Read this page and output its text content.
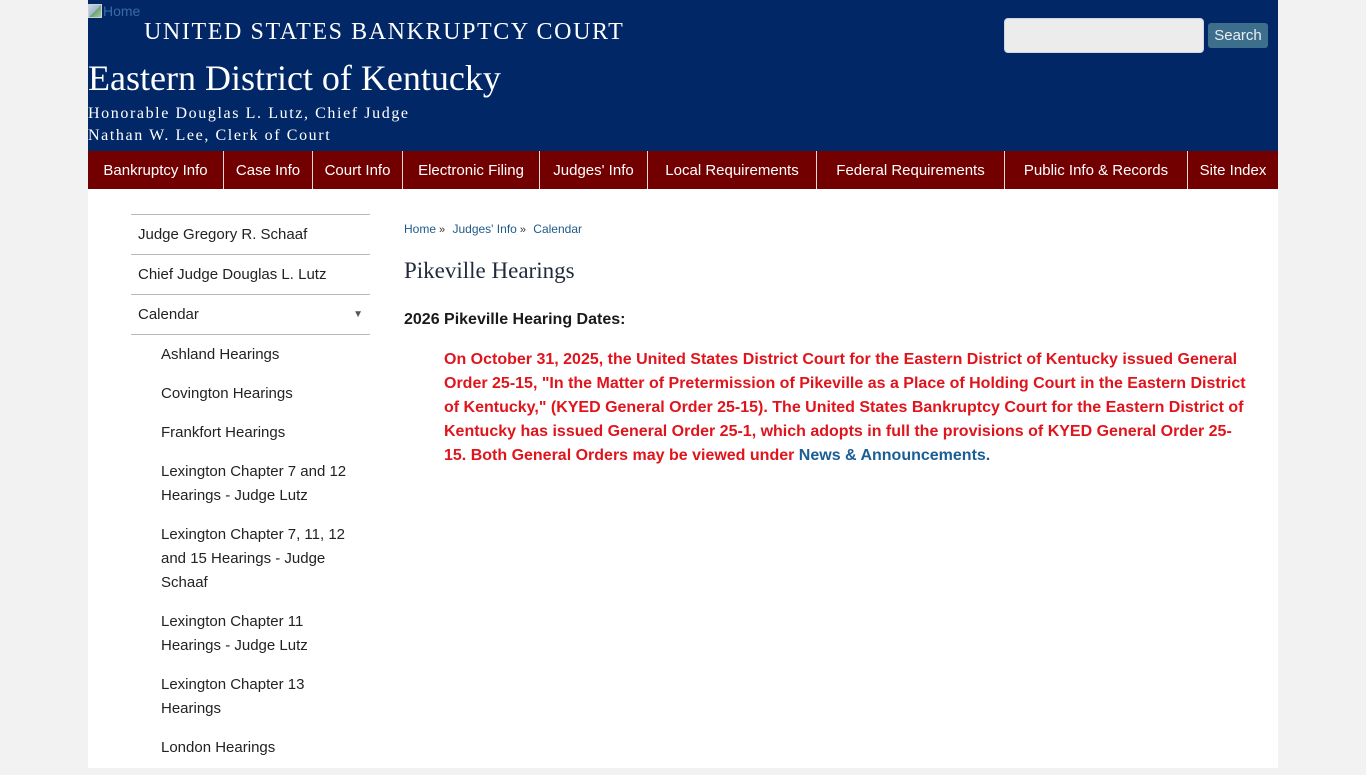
Home
UNITED STATES BANKRUPTCY COURT
Eastern District of Kentucky
Honorable Douglas L. Lutz, Chief Judge
Nathan W. Lee, Clerk of Court
Search
Bankruptcy Info	Case Info	Court Info	Electronic Filing	Judges' Info	Local Requirements	Federal Requirements	Public Info & Records	Site Index
Judge Gregory R. Schaaf
Chief Judge Douglas L. Lutz
Calendar	▼
Ashland Hearings
Covington Hearings
Frankfort Hearings
Lexington Chapter 7 and 12 Hearings - Judge Lutz
Lexington Chapter 7, 11, 12 and 15 Hearings - Judge Schaaf
Lexington Chapter 11 Hearings - Judge Lutz
Lexington Chapter 13 Hearings
London Hearings
Home » Judges' Info » Calendar
Pikeville Hearings
2026 Pikeville Hearing Dates:
On October 31, 2025, the United States District Court for the Eastern District of Kentucky issued General Order 25-15, "In the Matter of Pretermission of Pikeville as a Place of Holding Court in the Eastern District of Kentucky," (KYED General Order 25-15). The United States Bankruptcy Court for the Eastern District of Kentucky has issued General Order 25-1, which adopts in full the provisions of KYED General Order 25-15. Both General Orders may be viewed under News & Announcements.
